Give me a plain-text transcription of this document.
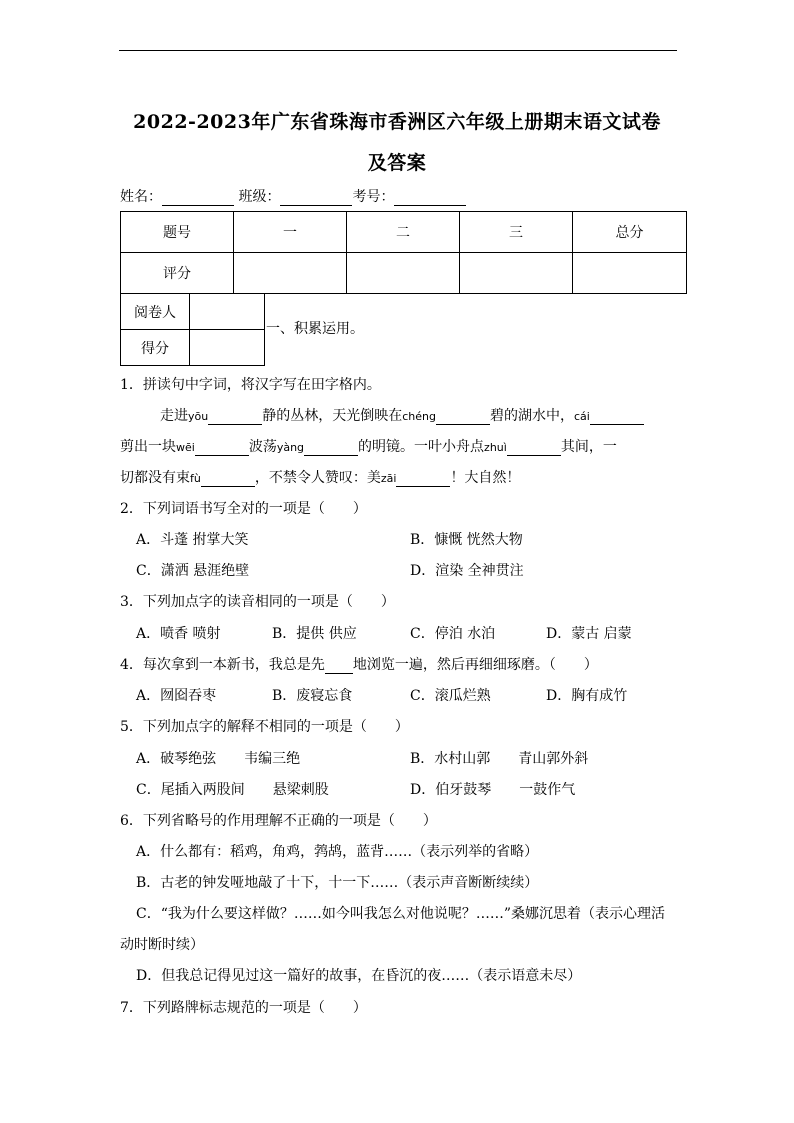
2022-2023年广东省珠海市香洲区六年级上册期末语文试卷
及答案
姓名：	班级：	考号：
题号	一	二	三	总分
评分				
阅卷人	
得分	
一、积累运用。
1．拼读句中字词，将汉字写在田字格内。
走进yōu	静的丛林，天光倒映在chéng	碧的湖水中，cái
剪出一块wēi	波荡yàng	的明镜。一叶小舟点zhuì	其间，一
切都没有束fù	，不禁令人赞叹：美zāi	！大自然！
2．下列词语书写全对的一项是（　　）
A．斗蓬 拊掌大笑	B．慷慨 恍然大物
C．潇洒 悬涯绝壁	D．渲染 全神贯注
3．下列加点字的读音相同的一项是（　　）
A．喷香 喷射	B．提供 供应	C．停泊 水泊	D．蒙古 启蒙
4．每次拿到一本新书，我总是先 地浏览一遍，然后再细细琢磨。（　　）
A．囫囵吞枣	B．废寝忘食	C．滚瓜烂熟	D．胸有成竹
5．下列加点字的解释不相同的一项是（　　）
A．破琴绝弦　　韦编三绝	B．水村山郭　　青山郭外斜
C．尾插入两股间　　悬梁刺股	D．伯牙鼓琴　　一鼓作气
6．下列省略号的作用理解不正确的一项是（　　）
A．什么都有：稻鸡，角鸡，鹁鸪，蓝背……（表示列举的省略）
B．古老的钟发哑地敲了十下，十一下……（表示声音断断续续）
C．“我为什么要这样做？……如今叫我怎么对他说呢？……”桑娜沉思着（表示心理活
动时断时续）
D．但我总记得见过这一篇好的故事，在昏沉的夜……（表示语意未尽）
7．下列路牌标志规范的一项是（　　）
